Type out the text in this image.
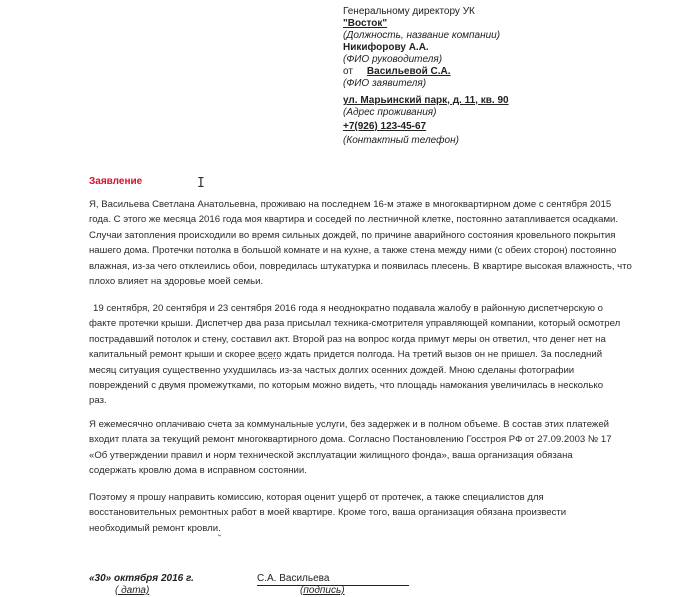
Генеральному директору УК
"Восток"
(Должность, название компании)
Никифорову А.А.
(ФИО руководителя)
от Васильевой С.А.
(ФИО заявителя)
ул. Марьинский парк, д. 11, кв. 90
(Адрес проживания)
+7(926) 123-45-67
(Контактный телефон)
Заявление	I
Я, Васильева Светлана Анатольевна, проживаю на последнем 16-м этаже в многоквартирном доме с сентября 2015
года. С этого же месяца 2016 года моя квартира и соседей по лестничной клетке, постоянно затапливается осадками.
Случаи затопления происходили во время сильных дождей, по причине аварийного состояния кровельного покрытия
нашего дома. Протечки потолка в большой комнате и на кухне, а также стена между ними (с обеих сторон) постоянно
влажная, из-за чего отклеились обои, повредилась штукатурка и появилась плесень. В квартире высокая влажность, что
плохо влияет на здоровье моей семьи.
19 сентября, 20 сентября и 23 сентября 2016 года я неоднократно подавала жалобу в районную диспетчерскую о
факте протечки крыши. Диспетчер два раза присылал техника-смотрителя управляющей компании, который осмотрел
пострадавший потолок и стену, составил акт. Второй раз на вопрос когда примут меры он ответил, что денег нет на
капитальный ремонт крыши и скорее всего ждать придется полгода. На третий вызов он не пришел. За последний
месяц ситуация существенно ухудшилась из-за частых долгих осенних дождей. Мною сделаны фотографии
повреждений с двумя промежутками, по которым можно видеть, что площадь намокания увеличилась в несколько
раз.
Я ежемесячно оплачиваю счета за коммунальные услуги, без задержек и в полном объеме. В состав этих платежей
входит плата за текущий ремонт многоквартирного дома. Согласно Постановлению Госстроя РФ от 27.09.2003 № 17
«Об утверждении правил и норм технической эксплуатации жилищного фонда», ваша организация обязана
содержать кровлю дома в исправном состоянии.
Поэтому я прошу направить комиссию, которая оценит ущерб от протечек, а также специалистов для
восстановительных ремонтных работ в моей квартире. Кроме того, ваша организация обязана произвести
необходимый ремонт кровли.
«30» октября 2016 г.	С.А. Васильева
( дата)	(подпись)
